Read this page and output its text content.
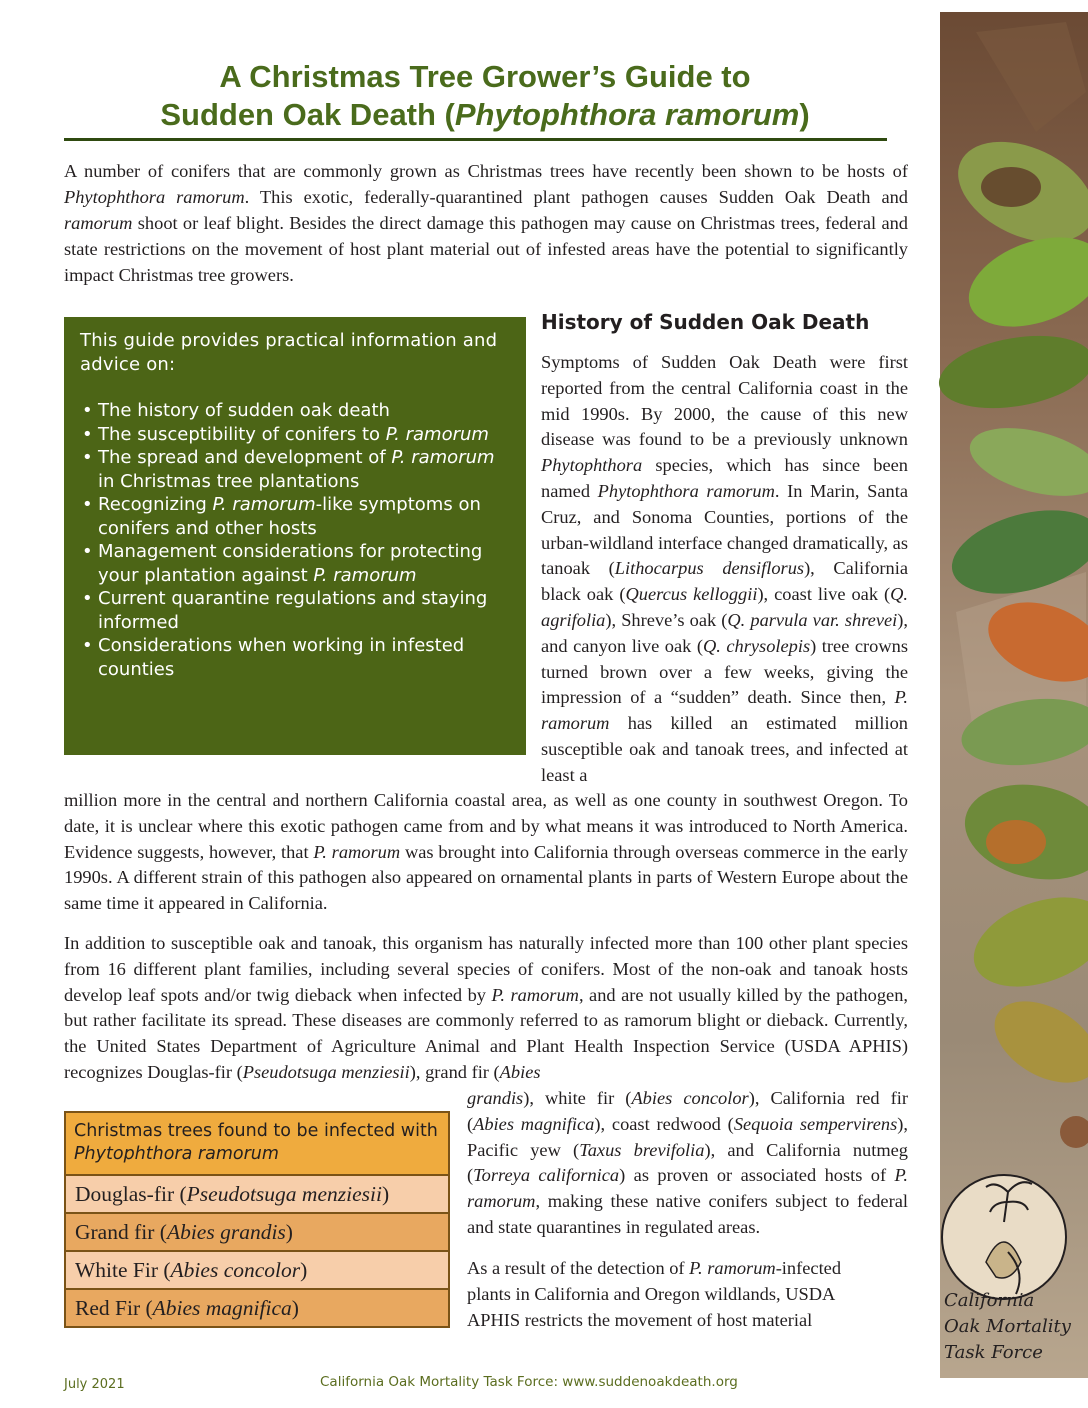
A Christmas Tree Grower’s Guide to
Sudden Oak Death (Phytophthora ramorum)

A number of conifers that are commonly grown as Christmas trees have recently been shown to be hosts of Phytophthora ramorum. This exotic, federally-quarantined plant pathogen causes Sudden Oak Death and ramorum shoot or leaf blight. Besides the direct damage this pathogen may cause on Christmas trees, federal and state restrictions on the movement of host plant material out of infested areas have the potential to significantly impact Christmas tree growers.

This guide provides practical information and advice on:

• The history of sudden oak death
• The susceptibility of conifers to P. ramorum
• The spread and development of P. ramorum in Christmas tree plantations
• Recognizing P. ramorum-like symptoms on conifers and other hosts
• Management considerations for protecting your plantation against P. ramorum
• Current quarantine regulations and staying informed
• Considerations when working in infested counties
History of Sudden Oak Death

Symptoms of Sudden Oak Death were first reported from the central California coast in the mid 1990s. By 2000, the cause of this new disease was found to be a previously unknown Phytophthora species, which has since been named Phytophthora ramorum. In Marin, Santa Cruz, and Sonoma Counties, portions of the urban-wildland interface changed dramatically, as tanoak (Lithocarpus densiflorus), California black oak (Quercus kelloggii), coast live oak (Q. agrifolia), Shreve’s oak (Q. parvula var. shrevei), and canyon live oak (Q. chrysolepis) tree crowns turned brown over a few weeks, giving the impression of a “sudden” death. Since then, P. ramorum has killed an estimated million susceptible oak and tanoak trees, and infected at least a

million more in the central and northern California coastal area, as well as one county in southwest Oregon. To date, it is unclear where this exotic pathogen came from and by what means it was introduced to North America. Evidence suggests, however, that P. ramorum was brought into California through overseas commerce in the early 1990s. A different strain of this pathogen also appeared on ornamental plants in parts of Western Europe about the same time it appeared in California.

In addition to susceptible oak and tanoak, this organism has naturally infected more than 100 other plant species from 16 different plant families, including several species of conifers. Most of the non-oak and tanoak hosts develop leaf spots and/or twig dieback when infected by P. ramorum, and are not usually killed by the pathogen, but rather facilitate its spread. These diseases are commonly referred to as ramorum blight or dieback. Currently, the United States Department of Agriculture Animal and Plant Health Inspection Service (USDA APHIS) recognizes Douglas-fir (Pseudotsuga menziesii), grand fir (Abies

grandis), white fir (Abies concolor), California red fir (Abies magnifica), coast redwood (Sequoia sempervirens), Pacific yew (Taxus brevifolia), and California nutmeg (Torreya californica) as proven or associated hosts of P. ramorum, making these native conifers subject to federal and state quarantines in regulated areas.

Christmas trees found to be infected with Phytophthora ramorum
Douglas-fir (Pseudotsuga menziesii)
Grand fir (Abies grandis)
White Fir (Abies concolor)
Red Fir (Abies magnifica)

As a result of the detection of P. ramorum-infected plants in California and Oregon wildlands, USDA APHIS restricts the movement of host material

California
Oak Mortality
Task Force
July 2021	California Oak Mortality Task Force: www.suddenoakdeath.org
